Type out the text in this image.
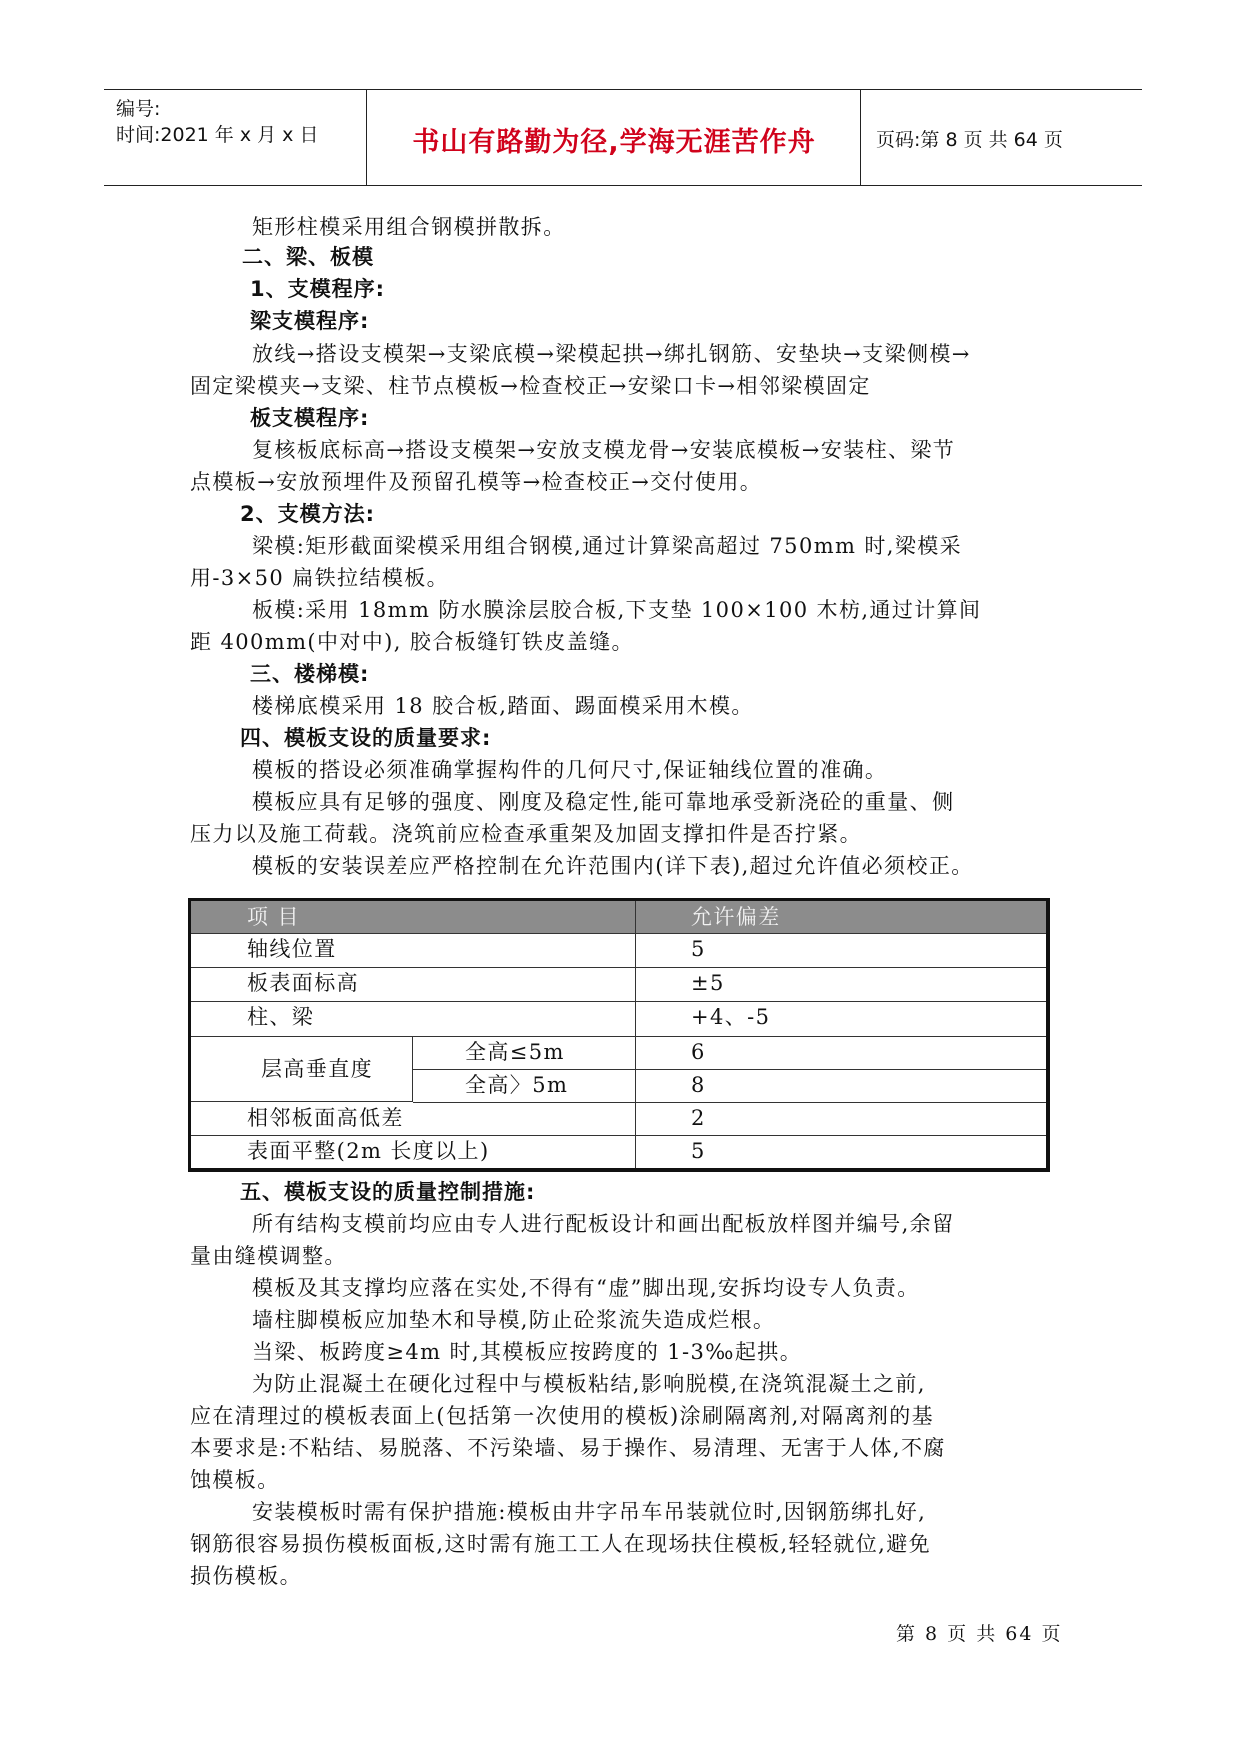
编号:
时间:2021 年 x 月 x 日	书山有路勤为径,学海无涯苦作舟	页码:第 8 页 共 64 页
矩形柱模采用组合钢模拼散拆。
二、梁、板模
1、支模程序:
梁支模程序:
放线→搭设支模架→支梁底模→梁模起拱→绑扎钢筋、安垫块→支梁侧模→
固定梁模夹→支梁、柱节点模板→检查校正→安梁口卡→相邻梁模固定
板支模程序:
复核板底标高→搭设支模架→安放支模龙骨→安装底模板→安装柱、梁节
点模板→安放预埋件及预留孔模等→检查校正→交付使用。
2、支模方法:
梁模:矩形截面梁模采用组合钢模,通过计算梁高超过 750mm 时,梁模采
用-3×50 扁铁拉结模板。
板模:采用 18mm 防水膜涂层胶合板,下支垫 100×100 木枋,通过计算间
距 400mm(中对中), 胶合板缝钉铁皮盖缝。
三、楼梯模:
楼梯底模采用 18 胶合板,踏面、踢面模采用木模。
四、模板支设的质量要求:
模板的搭设必须准确掌握构件的几何尺寸,保证轴线位置的准确。
模板应具有足够的强度、刚度及稳定性,能可靠地承受新浇砼的重量、侧
压力以及施工荷载。浇筑前应检查承重架及加固支撑扣件是否拧紧。
模板的安装误差应严格控制在允许范围内(详下表),超过允许值必须校正。
项 目	允许偏差
轴线位置	5
板表面标高	±5
柱、梁	+4、-5
层高垂直度
全高≤5m	6
全高〉5m	8
相邻板面高低差	2
表面平整(2m 长度以上)	5
五、模板支设的质量控制措施:
所有结构支模前均应由专人进行配板设计和画出配板放样图并编号,余留
量由缝模调整。
模板及其支撑均应落在实处,不得有“虚”脚出现,安拆均设专人负责。
墙柱脚模板应加垫木和导模,防止砼浆流失造成烂根。
当梁、板跨度≥4m 时,其模板应按跨度的 1-3‰起拱。
为防止混凝土在硬化过程中与模板粘结,影响脱模,在浇筑混凝土之前,
应在清理过的模板表面上(包括第一次使用的模板)涂刷隔离剂,对隔离剂的基
本要求是:不粘结、易脱落、不污染墙、易于操作、易清理、无害于人体,不腐
蚀模板。
安装模板时需有保护措施:模板由井字吊车吊装就位时,因钢筋绑扎好,
钢筋很容易损伤模板面板,这时需有施工工人在现场扶住模板,轻轻就位,避免
损伤模板。
第 8 页 共 64 页
